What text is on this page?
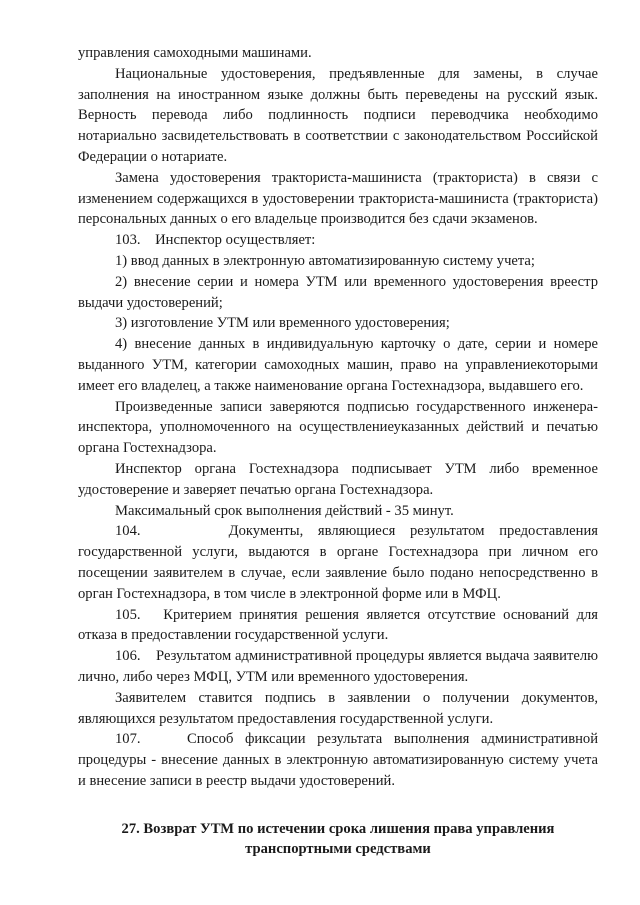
управления самоходными машинами.

Национальные удостоверения, предъявленные для замены, в случае заполнения на иностранном языке должны быть переведены на русский язык. Верность перевода либо подлинность подписи переводчика необходимо нотариально засвидетельствовать в соответствии с законодательством Российской Федерации о нотариате.

Замена удостоверения тракториста-машиниста (тракториста) в связи с изменением содержащихся в удостоверении тракториста-машиниста (тракториста) персональных данных о его владельце производится без сдачи экзаменов.

103.    Инспектор осуществляет:

1) ввод данных в электронную автоматизированную систему учета;

2) внесение серии и номера УТМ или временного удостоверения вреестр выдачи удостоверений;

3) изготовление УТМ или временного удостоверения;

4) внесение данных в индивидуальную карточку о дате, серии и номере выданного УТМ, категории самоходных машин, право на управлениекоторыми имеет его владелец, а также наименование органа Гостехнадзора, выдавшего его.

Произведенные записи заверяются подписью государственного инженера-инспектора, уполномоченного на осуществлениеуказанных действий и печатью органа Гостехнадзора.

Инспектор органа Гостехнадзора подписывает УТМ либо временное удостоверение и заверяет печатью органа Гостехнадзора.

Максимальный срок выполнения действий - 35 минут.

104.      Документы, являющиеся результатом предоставления государственной услуги, выдаются в органе Гостехнадзора при личном его посещении заявителем в случае, если заявление было подано непосредственно в орган Гостехнадзора, в том числе в электронной форме или в МФЦ.

105.   Критерием принятия решения является отсутствие оснований для отказа в предоставлении государственной услуги.

106.    Результатом административной процедуры является выдача заявителю лично, либо через МФЦ, УТМ или временного удостоверения.

Заявителем ставится подпись в заявлении о получении документов, являющихся результатом предоставления государственной услуги.

107.    Способ фиксации результата выполнения административной процедуры - внесение данных в электронную автоматизированную систему учета и внесение записи в реестр выдачи удостоверений.

27. Возврат УТМ по истечении срока лишения права управления
транспортными средствами
